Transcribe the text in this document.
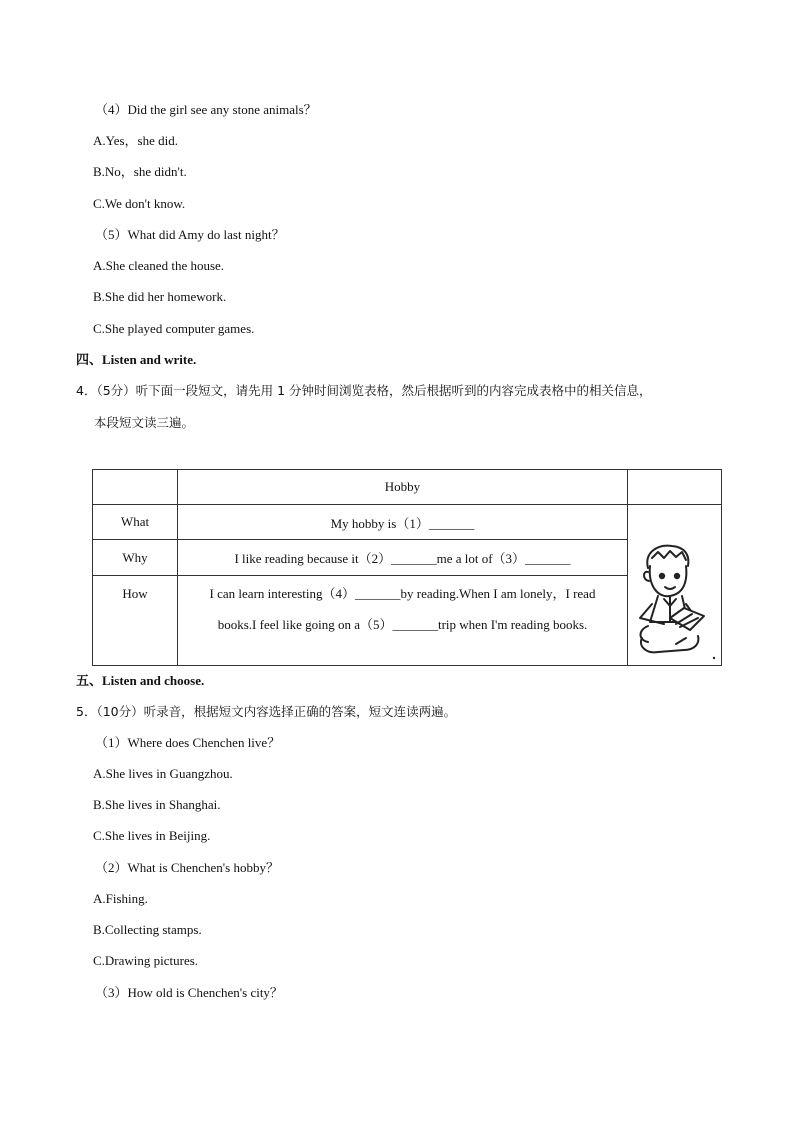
（4）Did the girl see any stone animals？
A.Yes，she did.
B.No，she didn't.
C.We don't know.
（5）What did Amy do last night？
A.She cleaned the house.
B.She did her homework.
C.She played computer games.
四、Listen and write.
4．（5分）听下面一段短文，请先用 1 分钟时间浏览表格，然后根据听到的内容完成表格中的相关信息，
本段短文读三遍。
	Hobby	
What	My hobby is（1）_______	

Why	I like reading because it（2）_______me a lot of（3）_______	
How	I can learn interesting（4）_______by reading.When I am lonely，I read
books.I feel like going on a（5）_______trip when I'm reading books.	
五、Listen and choose.
5．（10分）听录音，根据短文内容选择正确的答案，短文连读两遍。
（1）Where does Chenchen live？
A.She lives in Guangzhou.
B.She lives in Shanghai.
C.She lives in Beijing.
（2）What is Chenchen's hobby？
A.Fishing.
B.Collecting stamps.
C.Drawing pictures.
（3）How old is Chenchen's city？
